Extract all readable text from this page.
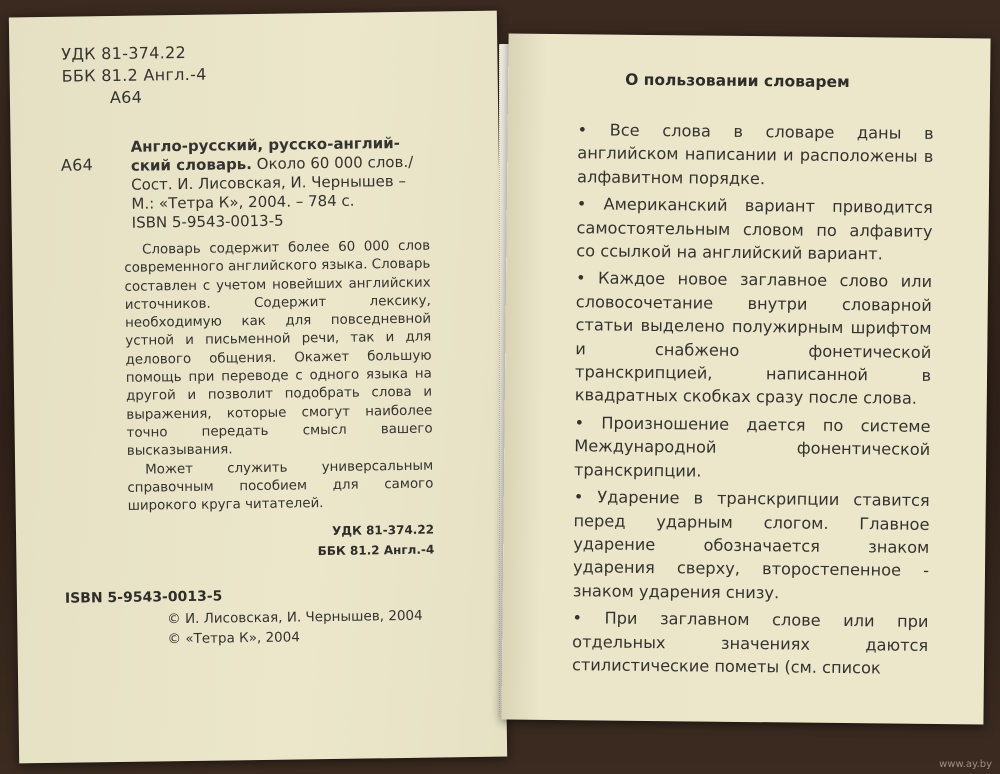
УДК 81-374.22
ББК 81.2 Англ.-4
А64
А64
Англо-русский, русско-англий-
ский словарь. Около 60 000 слов./
Сост. И. Лисовская, И. Чернышев –
М.: «Тетра К», 2004. – 784 с.
ISBN 5-9543-0013-5

Словарь содержит более 60 000 слов современного английского языка. Словарь составлен с учетом новейших английских источников. Содержит лексику, необходимую как для повседневной устной и письменной речи, так и для делового общения. Окажет большую помощь при переводе с одного языка на другой и позволит подобрать слова и выражения, которые смогут наиболее точно передать смысл вашего высказывания.

Может служить универсальным справочным пособием для самого широкого круга читателей.

УДК 81-374.22
ББК 81.2 Англ.-4
ISBN 5-9543-0013-5
© И. Лисовская, И. Чернышев, 2004
© «Тетра К», 2004
О пользовании словарем

• Все слова в словаре даны в английском написании и расположены в алфавитном порядке.

• Американский вариант приводится самостоятельным словом по алфавиту со ссылкой на английский вариант.

• Каждое новое заглавное слово или словосочетание внутри словарной статьи выделено полужирным шрифтом и снабжено фонетической транскрипцией, написанной в квадратных скобках сразу после слова.

• Произношение дается по системе Международной фонентической транскрипции.

• Ударение в транскрипции ставится перед ударным слогом. Главное ударение обозначается знаком ударения сверху, второстепенное - знаком ударения снизу.

• При заглавном слове или при отдельных значениях даются стилистические пометы (см. список

www.ay.by
